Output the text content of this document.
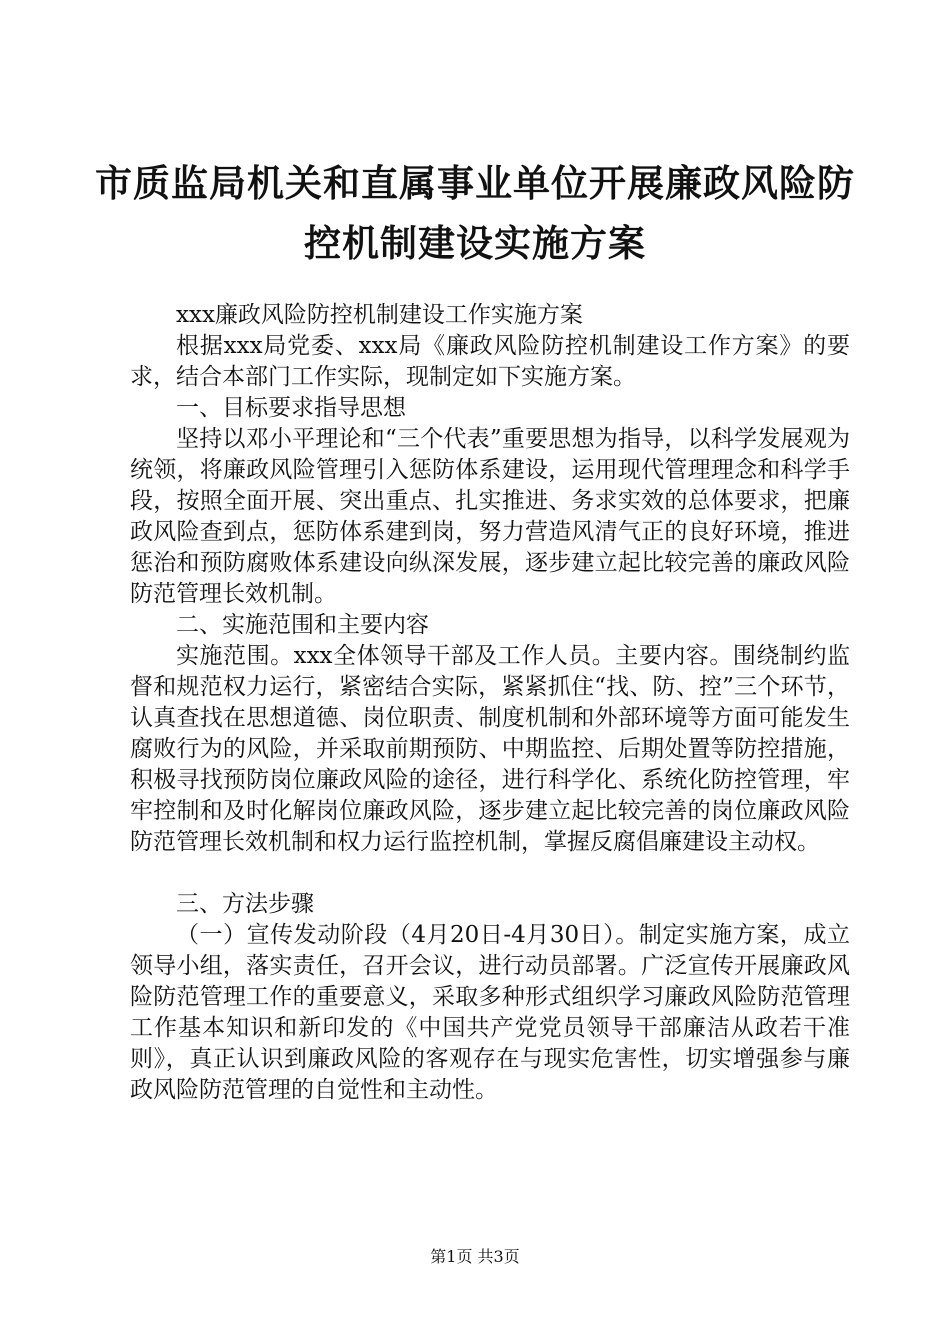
市质监局机关和直属事业单位开展廉政风险防
控机制建设实施方案

xxx廉政风险防控机制建设工作实施方案

根据xxx局党委、xxx局《廉政风险防控机制建设工作方案》的要求，结合本部门工作实际，现制定如下实施方案。

一、目标要求指导思想

坚持以邓小平理论和“三个代表”重要思想为指导，以科学发展观为统领，将廉政风险管理引入惩防体系建设，运用现代管理理念和科学手段，按照全面开展、突出重点、扎实推进、务求实效的总体要求，把廉政风险查到点，惩防体系建到岗，努力营造风清气正的良好环境，推进惩治和预防腐败体系建设向纵深发展，逐步建立起比较完善的廉政风险防范管理长效机制。

二、实施范围和主要内容

实施范围。xxx全体领导干部及工作人员。主要内容。围绕制约监督和规范权力运行，紧密结合实际，紧紧抓住“找、防、控”三个环节，认真查找在思想道德、岗位职责、制度机制和外部环境等方面可能发生腐败行为的风险，并采取前期预防、中期监控、后期处置等防控措施，积极寻找预防岗位廉政风险的途径，进行科学化、系统化防控管理，牢牢控制和及时化解岗位廉政风险，逐步建立起比较完善的岗位廉政风险防范管理长效机制和权力运行监控机制，掌握反腐倡廉建设主动权。

三、方法步骤

（一）宣传发动阶段（4月20日-4月30日）。制定实施方案，成立领导小组，落实责任，召开会议，进行动员部署。广泛宣传开展廉政风险防范管理工作的重要意义，采取多种形式组织学习廉政风险防范管理工作基本知识和新印发的《中国共产党党员领导干部廉洁从政若干准则》，真正认识到廉政风险的客观存在与现实危害性，切实增强参与廉政风险防范管理的自觉性和主动性。

第1页 共3页
